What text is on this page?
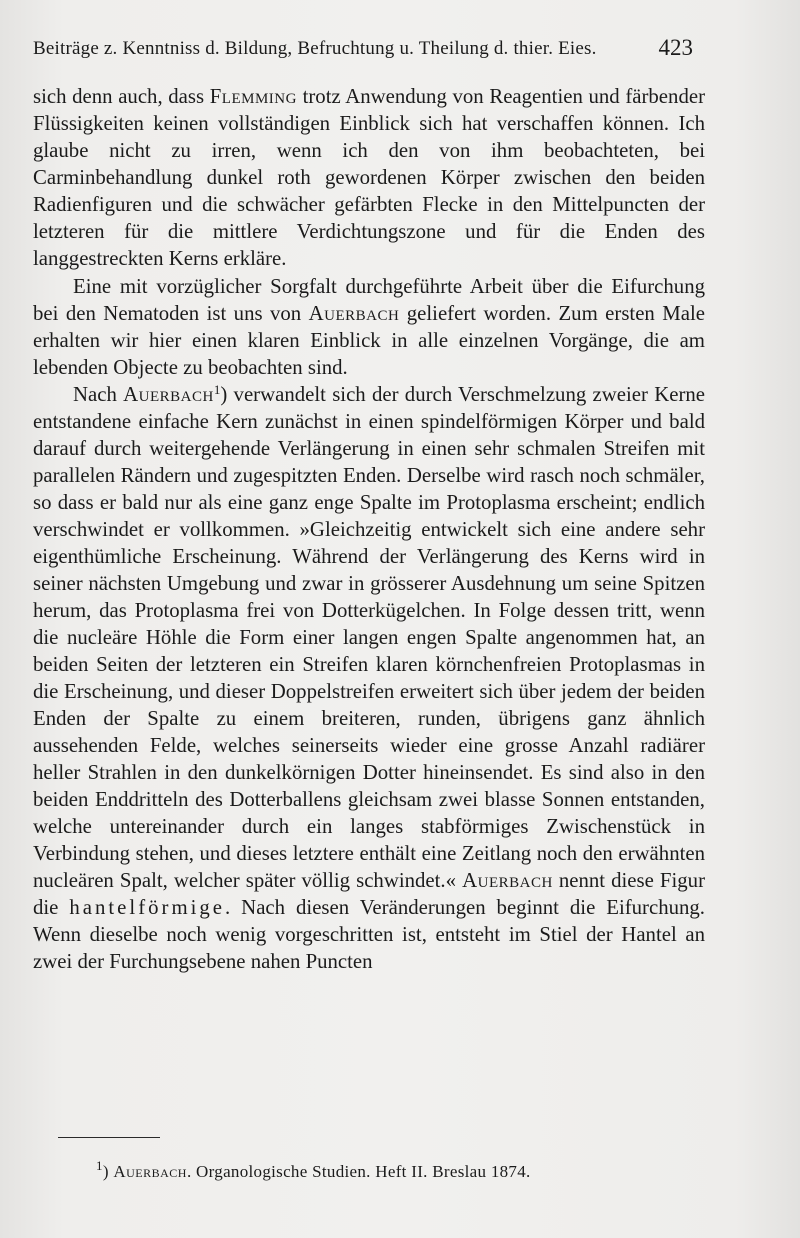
Beiträge z. Kenntniss d. Bildung, Befruchtung u. Theilung d. thier. Eies.	423

sich denn auch, dass Flemming trotz Anwendung von Reagentien und färbender Flüssigkeiten keinen vollständigen Einblick sich hat verschaffen können. Ich glaube nicht zu irren, wenn ich den von ihm beobachteten, bei Carminbehandlung dunkel roth gewordenen Körper zwischen den beiden Radienfiguren und die schwächer gefärbten Flecke in den Mittelpuncten der letzteren für die mittlere Verdichtungszone und für die Enden des langgestreckten Kerns erkläre.

Eine mit vorzüglicher Sorgfalt durchgeführte Arbeit über die Eifurchung bei den Nematoden ist uns von Auerbach geliefert worden. Zum ersten Male erhalten wir hier einen klaren Einblick in alle einzelnen Vorgänge, die am lebenden Objecte zu beobachten sind.

Nach Auerbach$^1$) verwandelt sich der durch Verschmelzung zweier Kerne entstandene einfache Kern zunächst in einen spindelförmigen Körper und bald darauf durch weitergehende Verlängerung in einen sehr schmalen Streifen mit parallelen Rändern und zugespitzten Enden. Derselbe wird rasch noch schmäler, so dass er bald nur als eine ganz enge Spalte im Protoplasma erscheint; endlich verschwindet er vollkommen. »Gleichzeitig entwickelt sich eine andere sehr eigenthümliche Erscheinung. Während der Verlängerung des Kerns wird in seiner nächsten Umgebung und zwar in grösserer Ausdehnung um seine Spitzen herum, das Protoplasma frei von Dotterkügelchen. In Folge dessen tritt, wenn die nucleäre Höhle die Form einer langen engen Spalte angenommen hat, an beiden Seiten der letzteren ein Streifen klaren körnchenfreien Protoplasmas in die Erscheinung, und dieser Doppelstreifen erweitert sich über jedem der beiden Enden der Spalte zu einem breiteren, runden, übrigens ganz ähnlich aussehenden Felde, welches seinerseits wieder eine grosse Anzahl radiärer heller Strahlen in den dunkelkörnigen Dotter hineinsendet. Es sind also in den beiden Enddritteln des Dotterballens gleichsam zwei blasse Sonnen entstanden, welche untereinander durch ein langes stabförmiges Zwischenstück in Verbindung stehen, und dieses letztere enthält eine Zeitlang noch den erwähnten nucleären Spalt, welcher später völlig schwindet.« Auerbach nennt diese Figur die hantelförmige. Nach diesen Veränderungen beginnt die Eifurchung. Wenn dieselbe noch wenig vorgeschritten ist, entsteht im Stiel der Hantel an zwei der Furchungsebene nahen Puncten

$^1$) Auerbach. Organologische Studien. Heft II. Breslau 1874.
